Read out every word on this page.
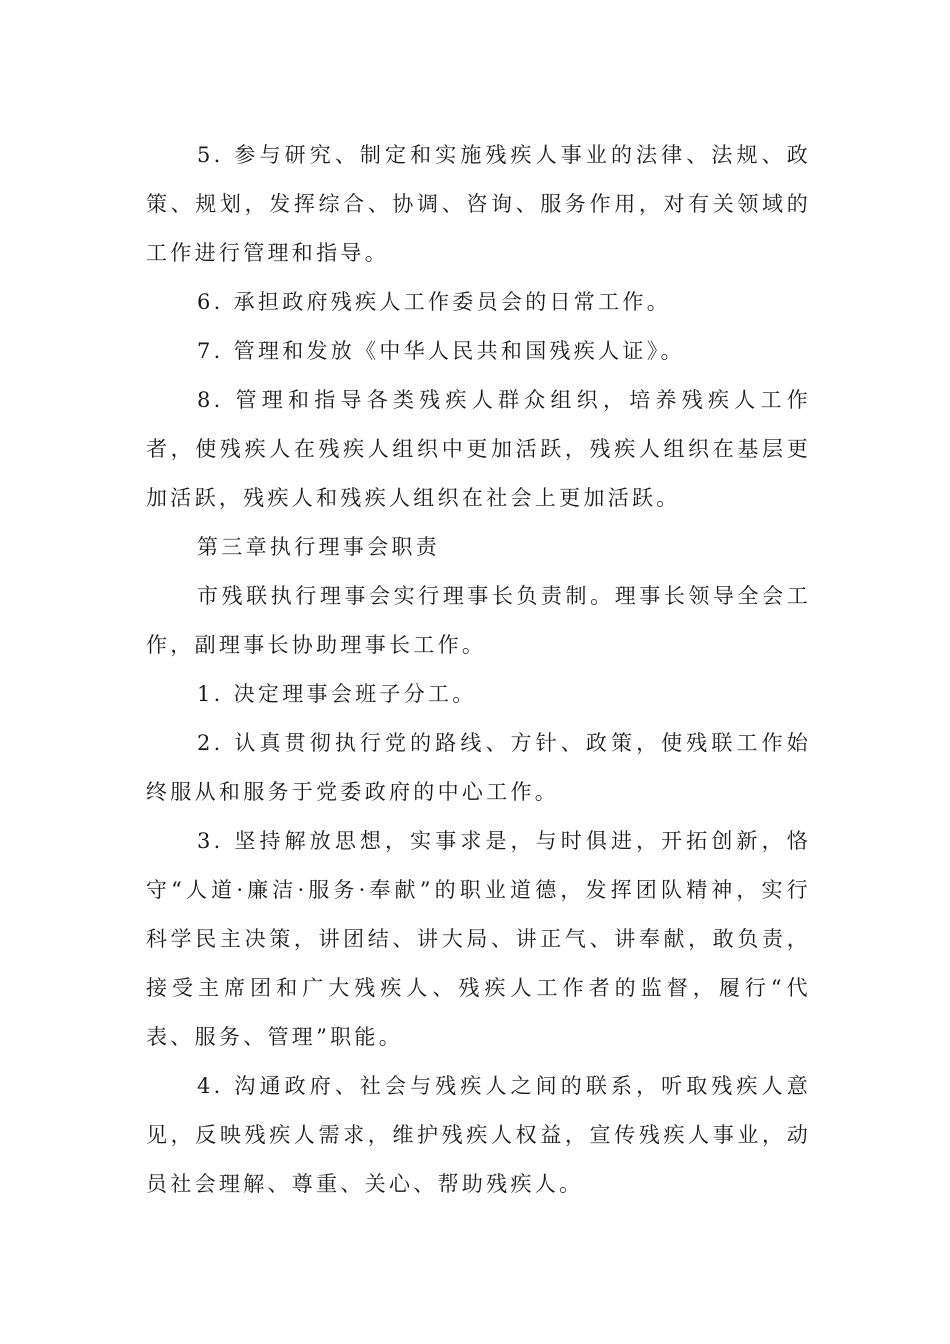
5. 参与研究、制定和实施残疾人事业的法律、法规、政策、规划，发挥综合、协调、咨询、服务作用，对有关领域的工作进行管理和指导。

6. 承担政府残疾人工作委员会的日常工作。

7. 管理和发放《中华人民共和国残疾人证》。

8. 管理和指导各类残疾人群众组织，培养残疾人工作者，使残疾人在残疾人组织中更加活跃，残疾人组织在基层更加活跃，残疾人和残疾人组织在社会上更加活跃。

第三章执行理事会职责

市残联执行理事会实行理事长负责制。理事长领导全会工作，副理事长协助理事长工作。

1. 决定理事会班子分工。

2. 认真贯彻执行党的路线、方针、政策，使残联工作始终服从和服务于党委政府的中心工作。

3. 坚持解放思想，实事求是，与时俱进，开拓创新，恪守“人道·廉洁·服务·奉献”的职业道德，发挥团队精神，实行科学民主决策，讲团结、讲大局、讲正气、讲奉献，敢负责，接受主席团和广大残疾人、残疾人工作者的监督，履行“代表、服务、管理”职能。

4. 沟通政府、社会与残疾人之间的联系，听取残疾人意见，反映残疾人需求，维护残疾人权益，宣传残疾人事业，动员社会理解、尊重、关心、帮助残疾人。
